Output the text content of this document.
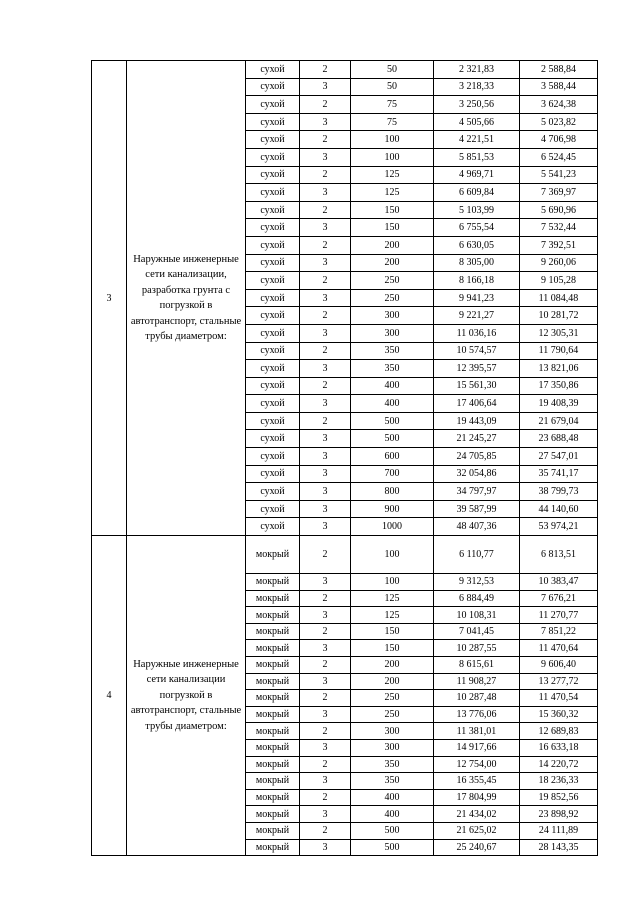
3	Наружные инженерные сети канализации, разработка грунта с погрузкой в автотранспорт, стальные трубы диаметром:	сухой	2	50	2 321,83	2 588,84
		сухой	3	50	3 218,33	3 588,44
		сухой	2	75	3 250,56	3 624,38
		сухой	3	75	4 505,66	5 023,82
		сухой	2	100	4 221,51	4 706,98
		сухой	3	100	5 851,53	6 524,45
		сухой	2	125	4 969,71	5 541,23
		сухой	3	125	6 609,84	7 369,97
		сухой	2	150	5 103,99	5 690,96
		сухой	3	150	6 755,54	7 532,44
		сухой	2	200	6 630,05	7 392,51
		сухой	3	200	8 305,00	9 260,06
		сухой	2	250	8 166,18	9 105,28
		сухой	3	250	9 941,23	11 084,48
		сухой	2	300	9 221,27	10 281,72
		сухой	3	300	11 036,16	12 305,31
		сухой	2	350	10 574,57	11 790,64
		сухой	3	350	12 395,57	13 821,06
		сухой	2	400	15 561,30	17 350,86
		сухой	3	400	17 406,64	19 408,39
		сухой	2	500	19 443,09	21 679,04
		сухой	3	500	21 245,27	23 688,48
		сухой	3	600	24 705,85	27 547,01
		сухой	3	700	32 054,86	35 741,17
		сухой	3	800	34 797,97	38 799,73
		сухой	3	900	39 587,99	44 140,60
		сухой	3	1000	48 407,36	53 974,21
4	Наружные инженерные сети канализации погрузкой в автотранспорт, стальные трубы диаметром:	мокрый	2	100	6 110,77	6 813,51
		мокрый	3	100	9 312,53	10 383,47
		мокрый	2	125	6 884,49	7 676,21
		мокрый	3	125	10 108,31	11 270,77
		мокрый	2	150	7 041,45	7 851,22
		мокрый	3	150	10 287,55	11 470,64
		мокрый	2	200	8 615,61	9 606,40
		мокрый	3	200	11 908,27	13 277,72
		мокрый	2	250	10 287,48	11 470,54
		мокрый	3	250	13 776,06	15 360,32
		мокрый	2	300	11 381,01	12 689,83
		мокрый	3	300	14 917,66	16 633,18
		мокрый	2	350	12 754,00	14 220,72
		мокрый	3	350	16 355,45	18 236,33
		мокрый	2	400	17 804,99	19 852,56
		мокрый	3	400	21 434,02	23 898,92
		мокрый	2	500	21 625,02	24 111,89
		мокрый	3	500	25 240,67	28 143,35
